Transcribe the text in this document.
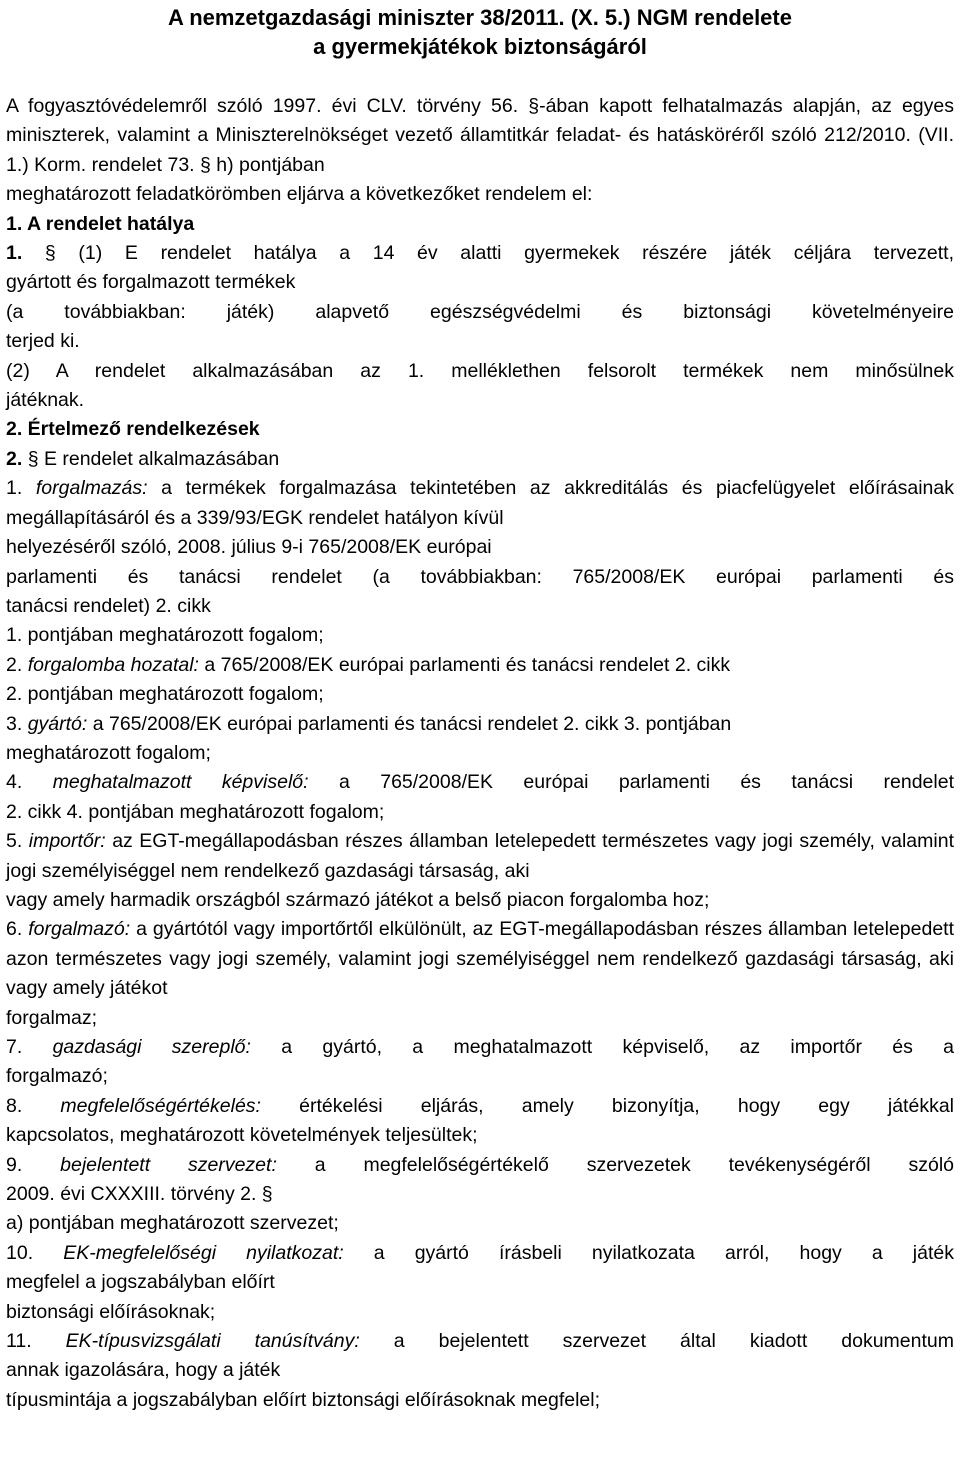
A nemzetgazdasági miniszter 38/2011. (X. 5.) NGM rendelete

a gyermekjátékok biztonságáról

A fogyasztóvédelemről szóló 1997. évi CLV. törvény 56. §-ában kapott felhatalmazás alapján, az egyes miniszterek, valamint a Miniszterelnökséget vezető államtitkár feladat- és hatásköréről szóló 212/2010. (VII. 1.) Korm. rendelet 73. § h) pontjában

meghatározott feladatkörömben eljárva a következőket rendelem el:

1. A rendelet hatálya

1. § (1) E rendelet hatálya a 14 év alatti gyermekek részére játék céljára tervezett,

gyártott és forgalmazott termékek

(a továbbiakban: játék) alapvető egészségvédelmi és biztonsági követelményeire

terjed ki.

(2) A rendelet alkalmazásában az 1. melléklethen felsorolt termékek nem minősülnek

játéknak.

2. Értelmező rendelkezések

2. § E rendelet alkalmazásában

1. forgalmazás: a termékek forgalmazása tekintetében az akkreditálás és piacfelügyelet előírásainak megállapításáról és a 339/93/EGK rendelet hatályon kívül

helyezéséről szóló, 2008. július 9-i 765/2008/EK európai

parlamenti és tanácsi rendelet (a továbbiakban: 765/2008/EK európai parlamenti és

tanácsi rendelet) 2. cikk

1. pontjában meghatározott fogalom;

2. forgalomba hozatal: a 765/2008/EK európai parlamenti és tanácsi rendelet 2. cikk

2. pontjában meghatározott fogalom;

3. gyártó: a 765/2008/EK európai parlamenti és tanácsi rendelet 2. cikk 3. pontjában

meghatározott fogalom;

4. meghatalmazott képviselő: a 765/2008/EK európai parlamenti és tanácsi rendelet

2. cikk 4. pontjában meghatározott fogalom;

5. importőr: az EGT-megállapodásban részes államban letelepedett természetes vagy jogi személy, valamint jogi személyiséggel nem rendelkező gazdasági társaság, aki

vagy amely harmadik országból származó játékot a belső piacon forgalomba hoz;

6. forgalmazó: a gyártótól vagy importőrtől elkülönült, az EGT-megállapodásban részes államban letelepedett azon természetes vagy jogi személy, valamint jogi személyiséggel nem rendelkező gazdasági társaság, aki vagy amely játékot

forgalmaz;

7. gazdasági szereplő: a gyártó, a meghatalmazott képviselő, az importőr és a

forgalmazó;

8. megfelelőségértékelés: értékelési eljárás, amely bizonyítja, hogy egy játékkal

kapcsolatos, meghatározott követelmények teljesültek;

9. bejelentett szervezet: a megfelelőségértékelő szervezetek tevékenységéről szóló

2009. évi CXXXIII. törvény 2. §

a) pontjában meghatározott szervezet;

10. EK-megfelelőségi nyilatkozat: a gyártó írásbeli nyilatkozata arról, hogy a játék

megfelel a jogszabályban előírt

biztonsági előírásoknak;

11. EK-típusvizsgálati tanúsítvány: a bejelentett szervezet által kiadott dokumentum

annak igazolására, hogy a játék

típusmintája a jogszabályban előírt biztonsági előírásoknak megfelel;
